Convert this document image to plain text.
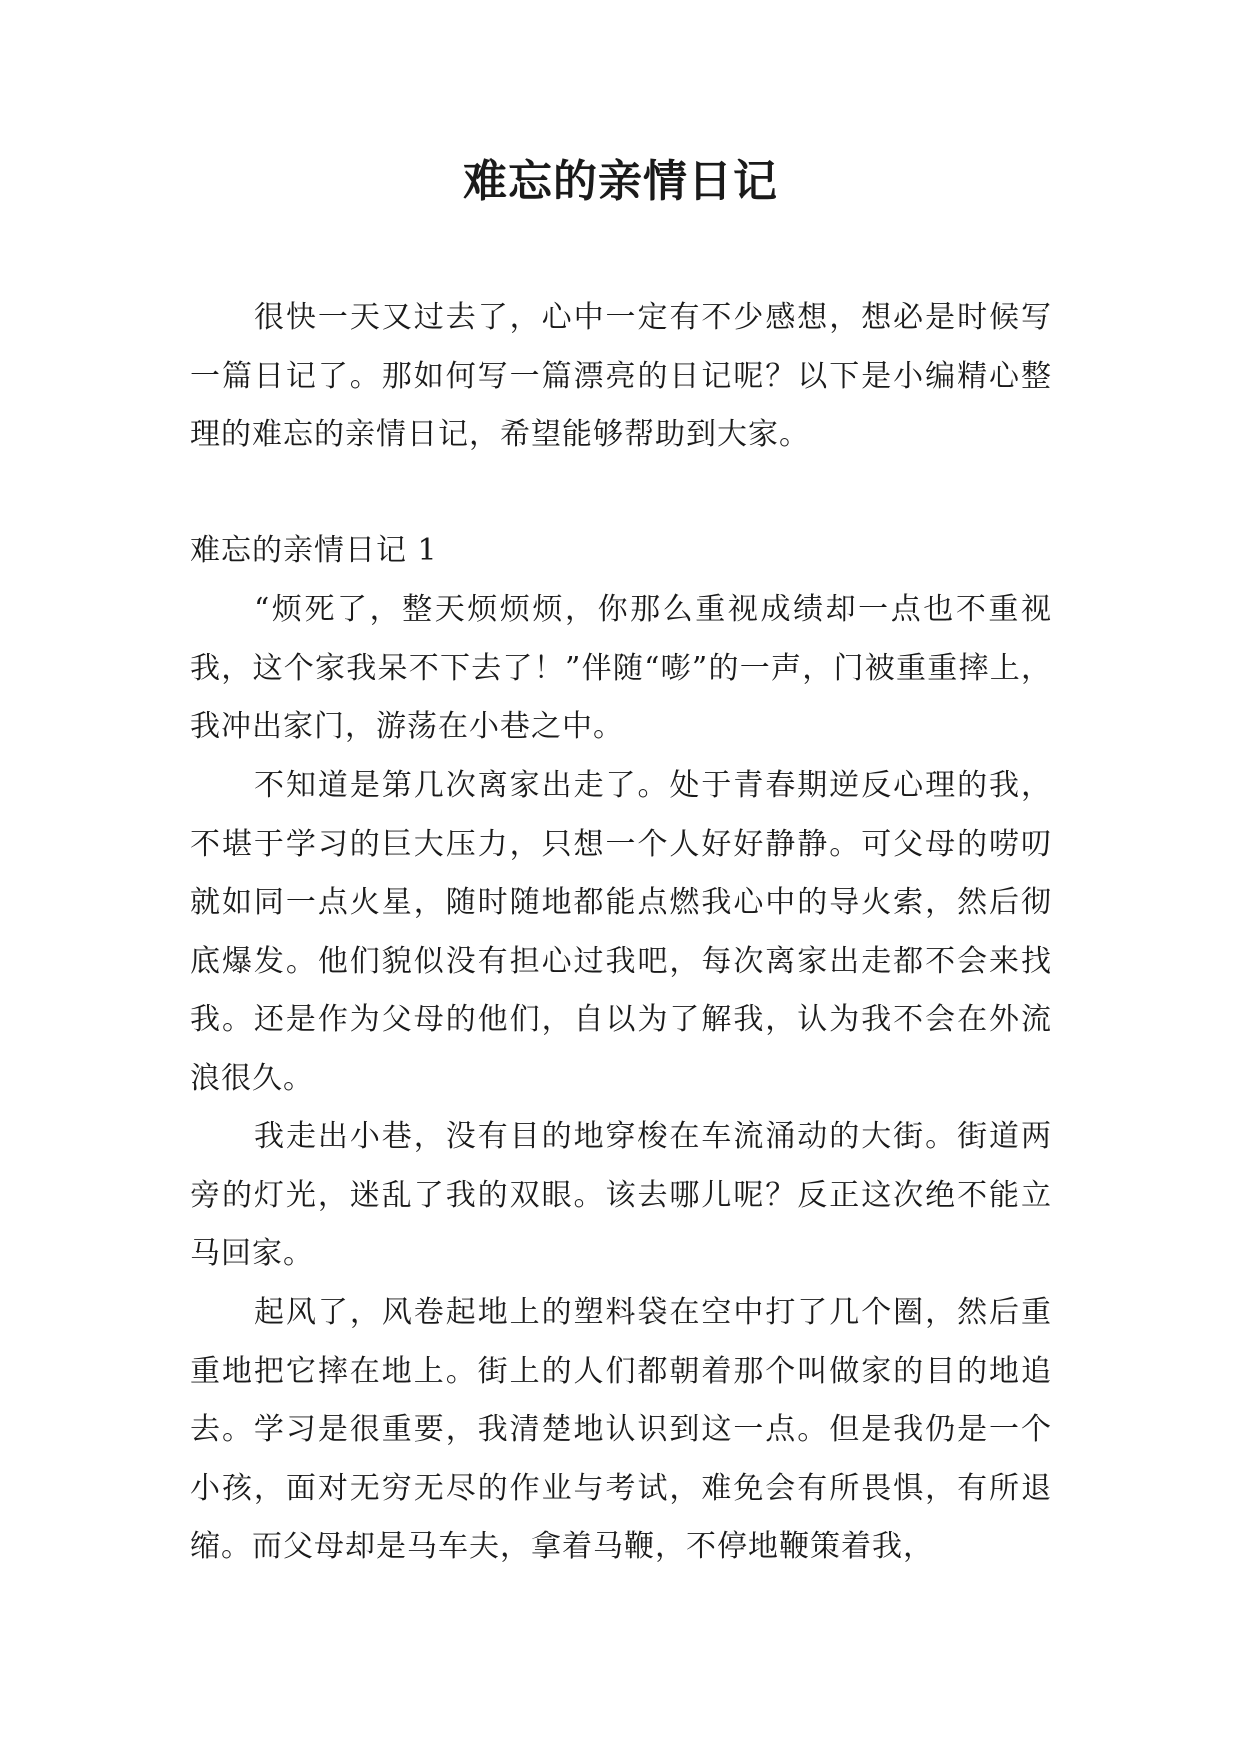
难忘的亲情日记

很快一天又过去了，心中一定有不少感想，想必是时候写一篇日记了。那如何写一篇漂亮的日记呢？以下是小编精心整理的难忘的亲情日记，希望能够帮助到大家。

难忘的亲情日记 1

“烦死了，整天烦烦烦，你那么重视成绩却一点也不重视我，这个家我呆不下去了！”伴随“嘭”的一声，门被重重摔上，我冲出家门，游荡在小巷之中。

不知道是第几次离家出走了。处于青春期逆反心理的我，不堪于学习的巨大压力，只想一个人好好静静。可父母的唠叨就如同一点火星，随时随地都能点燃我心中的导火索，然后彻底爆发。他们貌似没有担心过我吧，每次离家出走都不会来找我。还是作为父母的他们，自以为了解我，认为我不会在外流浪很久。

我走出小巷，没有目的地穿梭在车流涌动的大街。街道两旁的灯光，迷乱了我的双眼。该去哪儿呢？反正这次绝不能立马回家。

起风了，风卷起地上的塑料袋在空中打了几个圈，然后重重地把它摔在地上。街上的人们都朝着那个叫做家的目的地追去。学习是很重要，我清楚地认识到这一点。但是我仍是一个小孩，面对无穷无尽的作业与考试，难免会有所畏惧，有所退缩。而父母却是马车夫，拿着马鞭，不停地鞭策着我，
